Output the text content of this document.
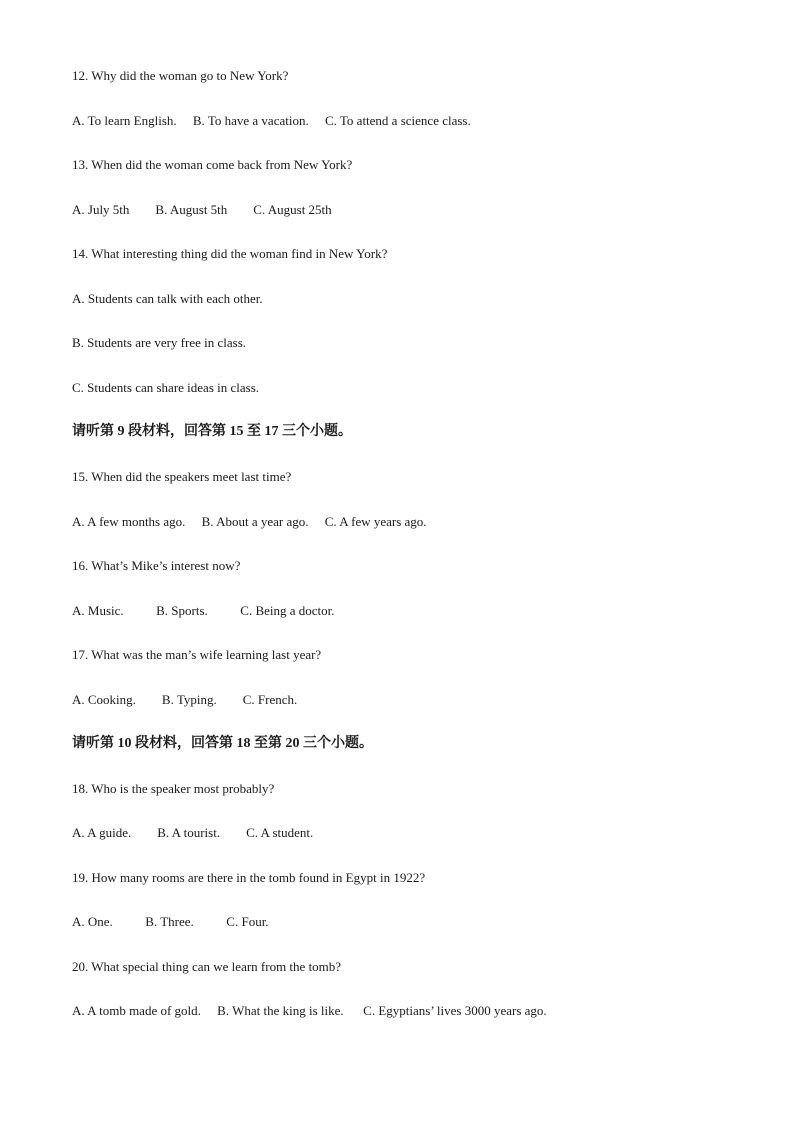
12. Why did the woman go to New York?
A. To learn English.     B. To have a vacation.     C. To attend a science class.
13. When did the woman come back from New York?
A. July 5th        B. August 5th        C. August 25th
14. What interesting thing did the woman find in New York?
A. Students can talk with each other.
B. Students are very free in class.
C. Students can share ideas in class.
请听第 9 段材料，回答第 15 至 17 三个小题。
15. When did the speakers meet last time?
A. A few months ago.     B. About a year ago.     C. A few years ago.
16. What’s Mike’s interest now?
A. Music.          B. Sports.          C. Being a doctor.
17. What was the man’s wife learning last year?
A. Cooking.        B. Typing.        C. French.
请听第 10 段材料，回答第 18 至第 20 三个小题。
18. Who is the speaker most probably?
A. A guide.        B. A tourist.        C. A student.
19. How many rooms are there in the tomb found in Egypt in 1922?
A. One.          B. Three.          C. Four.
20. What special thing can we learn from the tomb?
A. A tomb made of gold.     B. What the king is like.      C. Egyptians’ lives 3000 years ago.
